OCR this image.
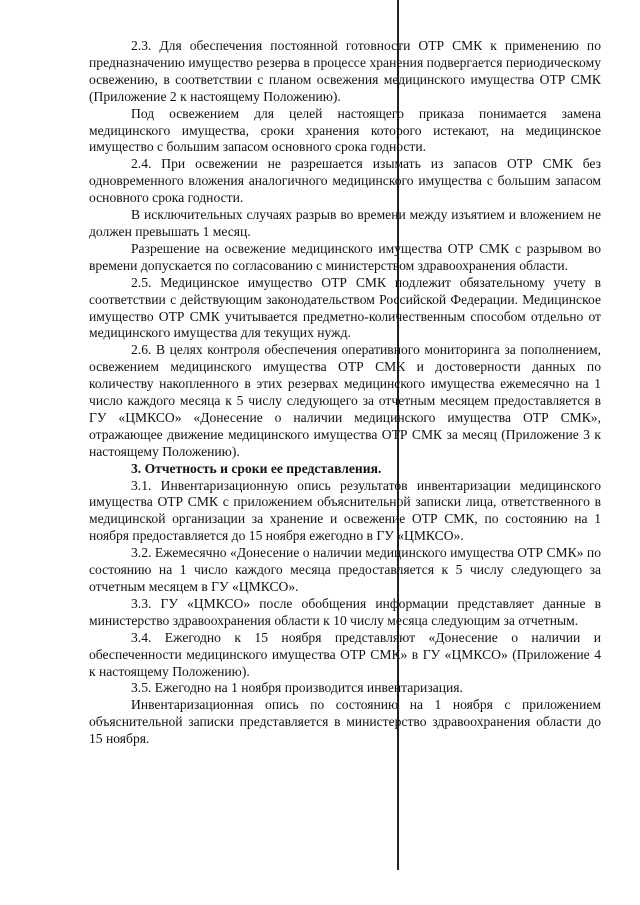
2.3. Для обеспечения постоянной готовности ОТР СМК к применению по предназначению имущество резерва в процессе хранения подвергается периодическому освежению, в соответствии с планом освежения медицинского имущества ОТР СМК (Приложение 2 к настоящему Положению).

Под освежением для целей настоящего приказа понимается замена медицинского имущества, сроки хранения которого истекают, на медицинское имущество с большим запасом основного срока годности.

2.4. При освежении не разрешается изымать из запасов ОТР СМК без одновременного вложения аналогичного медицинского имущества с большим запасом основного срока годности.

В исключительных случаях разрыв во времени между изъятием и вложением не должен превышать 1 месяц.

Разрешение на освежение медицинского имущества ОТР СМК с разрывом во времени допускается по согласованию с министерством здравоохранения области.

2.5. Медицинское имущество ОТР СМК подлежит обязательному учету в соответствии с действующим законодательством Российской Федерации. Медицинское имущество ОТР СМК учитывается предметно-количественным способом отдельно от медицинского имущества для текущих нужд.

2.6. В целях контроля обеспечения оперативного мониторинга за пополнением, освежением медицинского имущества ОТР СМК и достоверности данных по количеству накопленного в этих резервах медицинского имущества ежемесячно на 1 число каждого месяца к 5 числу следующего за отчетным месяцем предоставляется в ГУ «ЦМКСО» «Донесение о наличии медицинского имущества ОТР СМК», отражающее движение медицинского имущества ОТР СМК за месяц (Приложение 3 к настоящему Положению).

3. Отчетность и сроки ее представления.

3.1. Инвентаризационную опись результатов инвентаризации медицинского имущества ОТР СМК с приложением объяснительной записки лица, ответственного в медицинской организации за хранение и освежение ОТР СМК, по состоянию на 1 ноября предоставляется до 15 ноября ежегодно в ГУ «ЦМКСО».

3.2. Ежемесячно «Донесение о наличии медицинского имущества ОТР СМК» по состоянию на 1 число каждого месяца предоставляется к 5 числу следующего за отчетным месяцем в ГУ «ЦМКСО».

3.3. ГУ «ЦМКСО» после обобщения информации представляет данные в министерство здравоохранения области к 10 числу месяца следующим за отчетным.

3.4. Ежегодно к 15 ноября представляют «Донесение о наличии и обеспеченности медицинского имущества ОТР СМК» в ГУ «ЦМКСО» (Приложение 4 к настоящему Положению).

3.5. Ежегодно на 1 ноября производится инвентаризация.

Инвентаризационная опись по состоянию на 1 ноября с приложением объяснительной записки представляется в министерство здравоохранения области до 15 ноября.
